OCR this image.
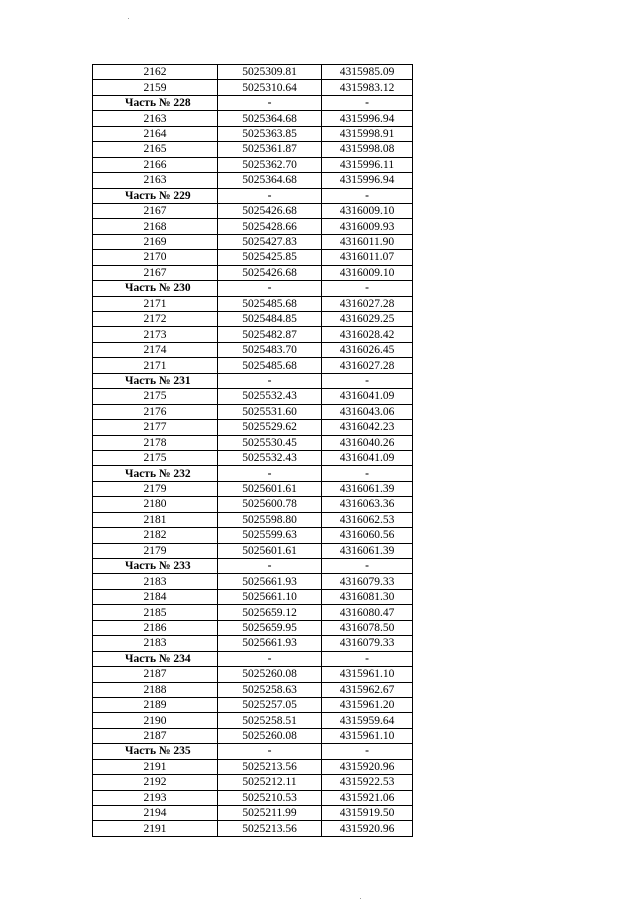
2162	5025309.81	4315985.09
2159	5025310.64	4315983.12
Часть № 228	-	-
2163	5025364.68	4315996.94
2164	5025363.85	4315998.91
2165	5025361.87	4315998.08
2166	5025362.70	4315996.11
2163	5025364.68	4315996.94
Часть № 229	-	-
2167	5025426.68	4316009.10
2168	5025428.66	4316009.93
2169	5025427.83	4316011.90
2170	5025425.85	4316011.07
2167	5025426.68	4316009.10
Часть № 230	-	-
2171	5025485.68	4316027.28
2172	5025484.85	4316029.25
2173	5025482.87	4316028.42
2174	5025483.70	4316026.45
2171	5025485.68	4316027.28
Часть № 231	-	-
2175	5025532.43	4316041.09
2176	5025531.60	4316043.06
2177	5025529.62	4316042.23
2178	5025530.45	4316040.26
2175	5025532.43	4316041.09
Часть № 232	-	-
2179	5025601.61	4316061.39
2180	5025600.78	4316063.36
2181	5025598.80	4316062.53
2182	5025599.63	4316060.56
2179	5025601.61	4316061.39
Часть № 233	-	-
2183	5025661.93	4316079.33
2184	5025661.10	4316081.30
2185	5025659.12	4316080.47
2186	5025659.95	4316078.50
2183	5025661.93	4316079.33
Часть № 234	-	-
2187	5025260.08	4315961.10
2188	5025258.63	4315962.67
2189	5025257.05	4315961.20
2190	5025258.51	4315959.64
2187	5025260.08	4315961.10
Часть № 235	-	-
2191	5025213.56	4315920.96
2192	5025212.11	4315922.53
2193	5025210.53	4315921.06
2194	5025211.99	4315919.50
2191	5025213.56	4315920.96
